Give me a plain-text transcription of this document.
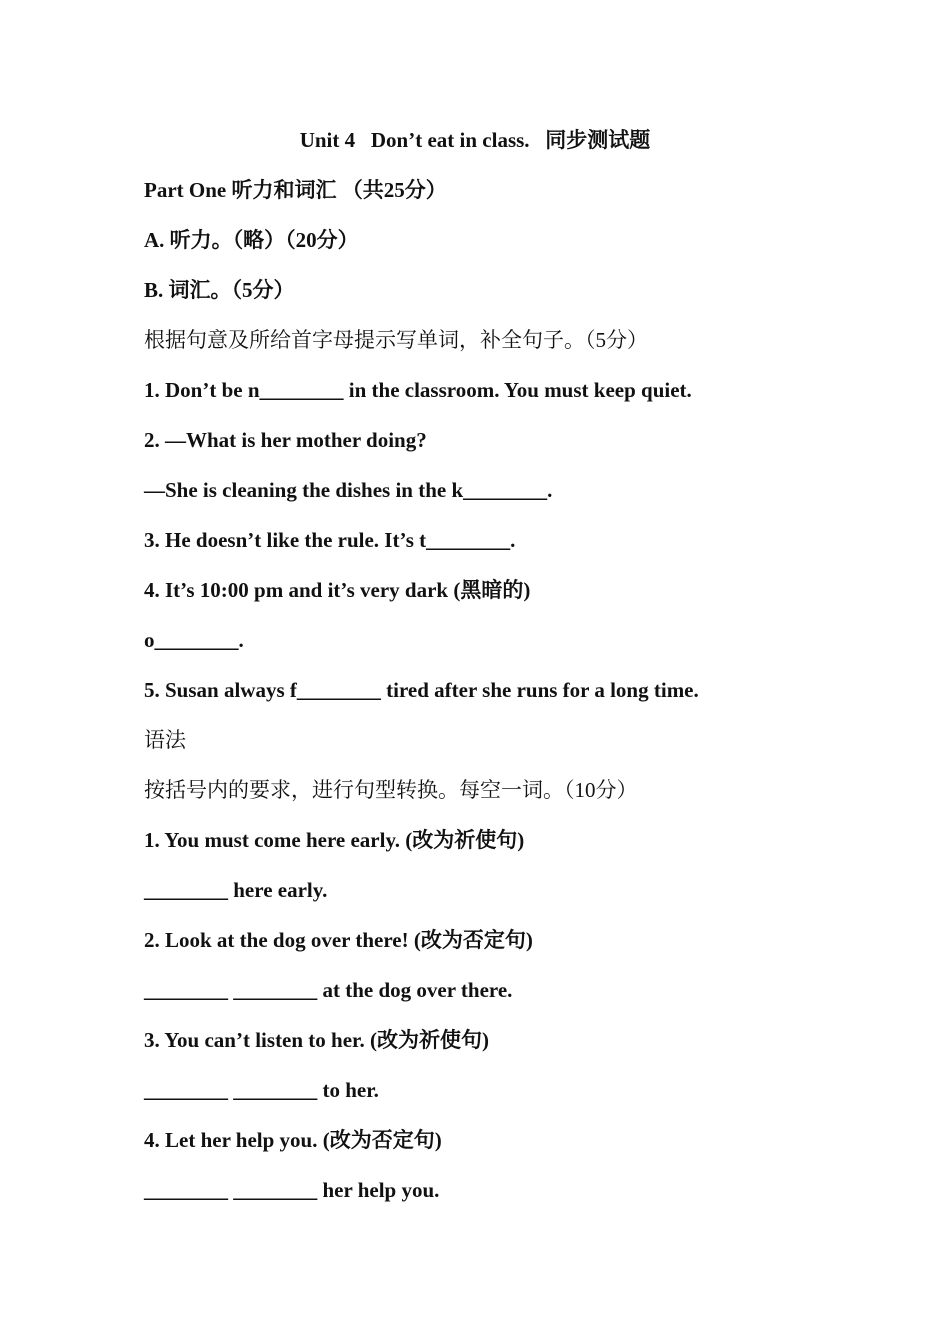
Unit 4   Don’t eat in class.   同步测试题
Part One 听力和词汇 （共25分）
A. 听力。（略）（20分）
B. 词汇。（5分）
根据句意及所给首字母提示写单词，补全句子。（5分）
1. Don’t be n________ in the classroom. You must keep quiet.
2. —What is her mother doing?
—She is cleaning the dishes in the k________.
3. He doesn’t like the rule. It’s t________.
4. It’s 10:00 pm and it’s very dark (黑暗的)
o________.
5. Susan always f________ tired after she runs for a long time.
语法
按括号内的要求，进行句型转换。每空一词。（10分）
1. You must come here early. (改为祈使句)
________ here early.
2. Look at the dog over there! (改为否定句)
________ ________ at the dog over there.
3. You can’t listen to her. (改为祈使句)
________ ________ to her.
4. Let her help you. (改为否定句)
________ ________ her help you.
